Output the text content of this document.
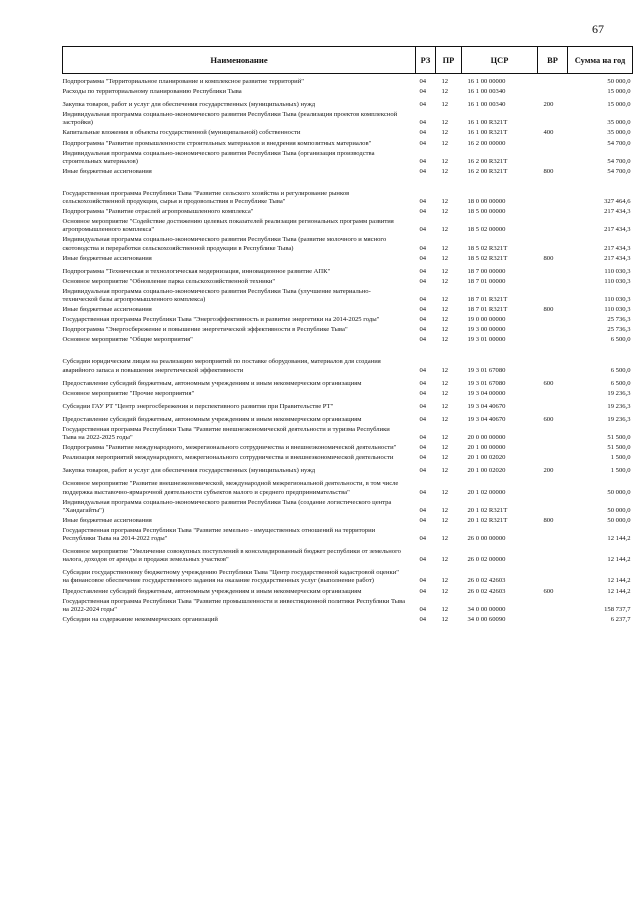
67
Наименование	РЗ	ПР	ЦСР	ВР	Сумма на год
Подпрограмма "Территориальное планирование и комплексное развитие территорий"	04	12	16 1 00 00000		50 000,0
Расходы по территориальному планированию Республики Тыва	04	12	16 1 00 00340		15 000,0
Закупка товаров, работ и услуг для обеспечения государственных (муниципальных) нужд	04	12	16 1 00 00340	200	15 000,0
Индивидуальная программа социально-экономического развития Республики Тыва (реализация проектов комплексной застройки)	04	12	16 1 00 R321T		35 000,0
Капитальные вложения в объекты государственной (муниципальной) собственности	04	12	16 1 00 R321T	400	35 000,0
Подпрограмма "Развитие промышленности строительных материалов и внедрения композитных материалов"	04	12	16 2 00 00000		54 700,0
Индивидуальная программа социально-экономического развития Республики Тыва (организация производства строительных материалов)	04	12	16 2 00 R321T		54 700,0
Иные бюджетные ассигнования	04	12	16 2 00 R321T	800	54 700,0

Государственная программа Республики Тыва "Развитие сельского хозяйства и регулирование рынков сельскохозяйственной продукции, сырья и продовольствия в Республике Тыва"	04	12	18 0 00 00000		327 464,6
Подпрограмма "Развитие отраслей агропромышленного комплекса"	04	12	18 5 00 00000		217 434,3
Основное мероприятие "Содействие достижению целевых показателей реализации региональных программ развития агропромышленного комплекса"	04	12	18 5 02 00000		217 434,3
Индивидуальная программа социально-экономического развития Республики Тыва (развитие молочного и мясного скотоводства и переработки сельскохозяйственной продукции в Республике Тыва)	04	12	18 5 02 R321T		217 434,3
Иные бюджетные ассигнования	04	12	18 5 02 R321T	800	217 434,3
Подпрограмма "Техническая и технологическая модернизация, инновационное развитие АПК"	04	12	18 7 00 00000		110 030,3
Основное мероприятие "Обновление парка сельскохозяйственной техники"	04	12	18 7 01 00000		110 030,3
Индивидуальная программа социально-экономического развития Республики Тыва (улучшение материально-технической базы агропромышленного комплекса)	04	12	18 7 01 R321T		110 030,3
Иные бюджетные ассигнования	04	12	18 7 01 R321T	800	110 030,3
Государственная программа Республики Тыва "Энергоэффективность и развитие энергетики на 2014-2025 годы"	04	12	19 0 00 00000		25 736,3
Подпрограмма "Энергосбережение и повышение энергетической эффективности в Республике Тыва"	04	12	19 3 00 00000		25 736,3
Основное мероприятие "Общие мероприятия"	04	12	19 3 01 00000		6 500,0

Субсидии юридическим лицам на реализацию мероприятий по поставке оборудования, материалов для создания аварийного запаса и повышения энергетической эффективности	04	12	19 3 01 67080		6 500,0
Предоставление субсидий бюджетным, автономным учреждениям и иным некоммерческим организациям	04	12	19 3 01 67080	600	6 500,0
Основное мероприятие "Прочие мероприятия"	04	12	19 3 04 00000		19 236,3
Субсидии ГАУ РТ "Центр энергосбережения и перспективного развития при Правительстве РТ"	04	12	19 3 04 40670		19 236,3
Предоставление субсидий бюджетным, автономным учреждениям и иным некоммерческим организациям	04	12	19 3 04 40670	600	19 236,3
Государственная программа Республики Тыва "Развитие внешнеэкономической деятельности и туризма Республики Тыва на 2022-2025 годы"	04	12	20 0 00 00000		51 500,0
Подпрограмма "Развитие международного, межрегионального сотрудничества и внешнеэкономической деятельности"	04	12	20 1 00 00000		51 500,0
Реализация мероприятий международного, межрегионального сотрудничества и внешнеэкономической деятельности	04	12	20 1 00 02020		1 500,0
Закупка товаров, работ и услуг для обеспечения государственных (муниципальных) нужд	04	12	20 1 00 02020	200	1 500,0
Основное мероприятие "Развитие внешнеэкономической, международной межрегиональной деятельности, в том числе поддержка выставочно-ярмарочной деятельности субъектов малого и среднего предпринимательства"	04	12	20 1 02 00000		50 000,0
Индивидуальная программа социально-экономического развития Республики Тыва (создание логистического центра "Хандагайты")	04	12	20 1 02 R321T		50 000,0
Иные бюджетные ассигнования	04	12	20 1 02 R321T	800	50 000,0
Государственная программа Республики Тыва "Развитие земельно - имущественных отношений на территории Республики Тыва на 2014-2022 годы"	04	12	26 0 00 00000		12 144,2
Основное мероприятие "Увеличение совокупных поступлений в консолидированный бюджет республики от земельного налога, доходов от аренды и продажи земельных участков"	04	12	26 0 02 00000		12 144,2
Субсидии государственному бюджетному учреждению Республики Тыва "Центр государственной кадастровой оценки" на финансовое обеспечение государственного задания на оказание государственных услуг (выполнение работ)	04	12	26 0 02 42603		12 144,2
Предоставление субсидий бюджетным, автономным учреждениям и иным некоммерческим организациям	04	12	26 0 02 42603	600	12 144,2
Государственная программа Республики Тыва "Развитие промышленности и инвестиционной политики Республики Тыва на 2022-2024 годы"	04	12	34 0 00 00000		158 737,7
Субсидии на содержание некоммерческих организаций	04	12	34 0 00 60090		6 237,7
